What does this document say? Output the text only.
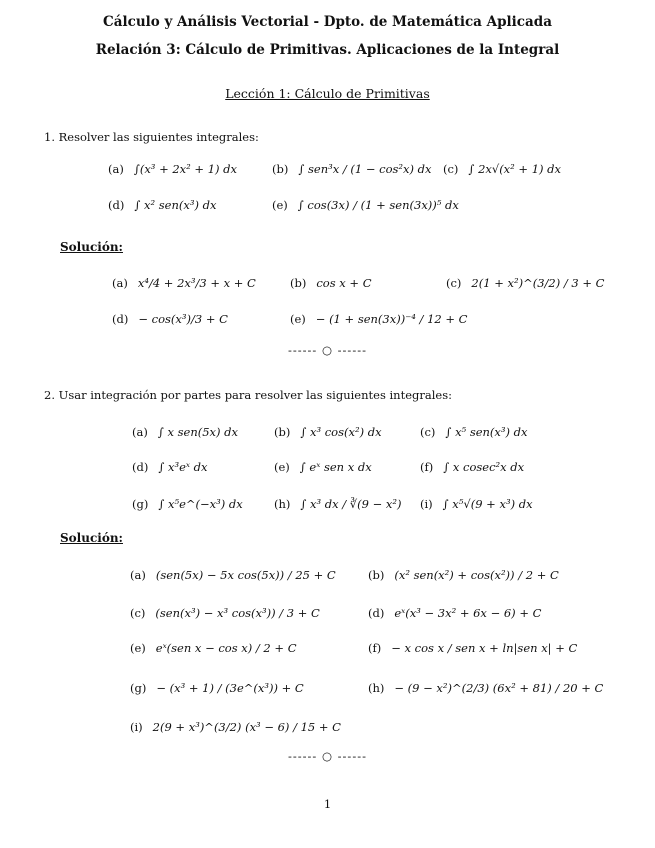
Cálculo y Análisis Vectorial - Dpto. de Matemática Aplicada
Relación 3: Cálculo de Primitivas. Aplicaciones de la Integral
Lección 1: Cálculo de Primitivas
1. Resolver las siguientes integrales:
(a) ∫(x³ + 2x² + 1) dx	(b) ∫ sen³x / (1 − cos²x) dx (c) ∫ 2x√(x² + 1) dx
(d) ∫ x² sen(x³) dx	(e) ∫ cos(3x) / (1 + sen(3x))⁵ dx
Solución:
(a) x⁴/4 + 2x³/3 + x + C	(b) cos x + C	(c) 2(1 + x²)^(3/2) / 3 + C
(d) − cos(x³)/3 + C	(e) − (1 + sen(3x))⁻⁴ / 12 + C
------ ○ ------
2. Usar integración por partes para resolver las siguientes integrales:
(a) ∫ x sen(5x) dx	(b) ∫ x³ cos(x²) dx	(c) ∫ x⁵ sen(x³) dx
(d) ∫ x³eˣ dx	(e) ∫ eˣ sen x dx	(f) ∫ x cosec²x dx
(g) ∫ x⁵e^(−x³) dx	(h) ∫ x³ dx / ∛(9 − x²) (i) ∫ x⁵√(9 + x³) dx
Solución:
(a) (sen(5x) − 5x cos(5x)) / 25 + C	(b) (x² sen(x²) + cos(x²)) / 2 + C
(c) (sen(x³) − x³ cos(x³)) / 3 + C	(d) eˣ(x³ − 3x² + 6x − 6) + C
(e) eˣ(sen x − cos x) / 2 + C	(f) − x cos x / sen x + ln|sen x| + C
(g) − (x³ + 1) / (3e^(x³)) + C	(h) − (9 − x²)^(2/3) (6x² + 81) / 20 + C
(i) 2(9 + x³)^(3/2) (x³ − 6) / 15 + C
------ ○ ------
1
